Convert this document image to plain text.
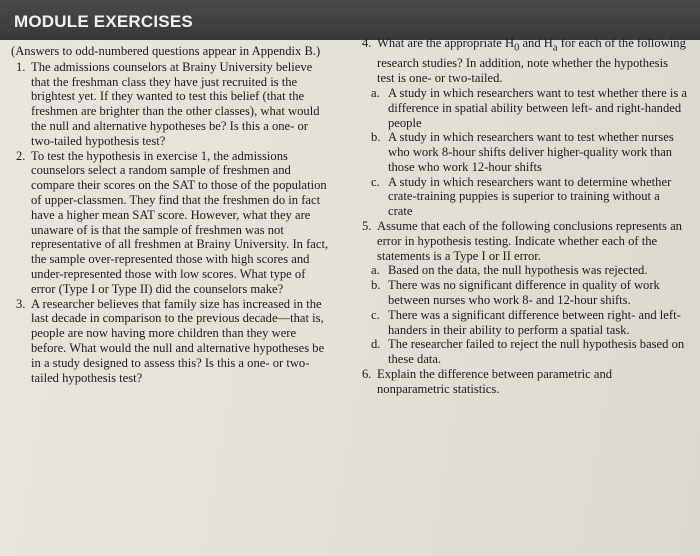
MODULE EXERCISES

(Answers to odd-numbered questions appear in Appendix B.)

1. The admissions counselors at Brainy University believe that the freshman class they have just recruited is the brightest yet. If they wanted to test this belief (that the freshmen are brighter than the other classes), what would the null and alternative hypotheses be? Is this a one- or two-tailed hypothesis test?
2. To test the hypothesis in exercise 1, the admissions counselors select a random sample of freshmen and compare their scores on the SAT to those of the population of upper-classmen. They find that the freshmen do in fact have a higher mean SAT score. However, what they are unaware of is that the sample of freshmen was not representative of all freshmen at Brainy University. In fact, the sample over-represented those with high scores and under-represented those with low scores. What type of error (Type I or Type II) did the counselors make?
3. A researcher believes that family size has increased in the last decade in comparison to the previous decade—that is, people are now having more children than they were before. What would the null and alternative hypotheses be in a study designed to assess this? Is this a one- or two-tailed hypothesis test?
4. What are the appropriate $H_0$ and $H_a$ for each of the following research studies? In addition, note whether the hypothesis test is one- or two-tailed.
a. A study in which researchers want to test whether there is a difference in spatial ability between left- and right-handed people
b. A study in which researchers want to test whether nurses who work 8-hour shifts deliver higher-quality work than those who work 12-hour shifts
c. A study in which researchers want to determine whether crate-training puppies is superior to training without a crate
5. Assume that each of the following conclusions represents an error in hypothesis testing. Indicate whether each of the statements is a Type I or II error.
a. Based on the data, the null hypothesis was rejected.
b. There was no significant difference in quality of work between nurses who work 8- and 12-hour shifts.
c. There was a significant difference between right- and left-handers in their ability to perform a spatial task.
d. The researcher failed to reject the null hypothesis based on these data.
6. Explain the difference between parametric and nonparametric statistics.
